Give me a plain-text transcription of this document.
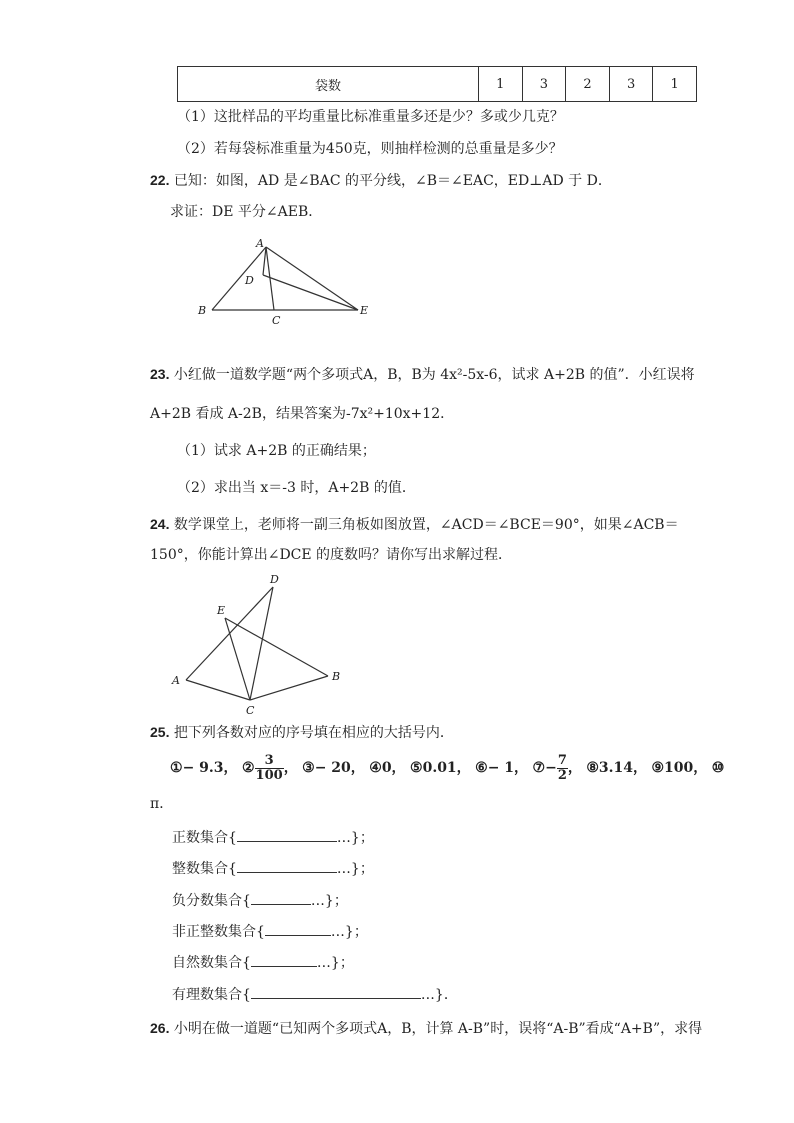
袋数	1	3	2	3	1
（1）这批样品的平均重量比标准重量多还是少？多或少几克？
（2）若每袋标准重量为450克，则抽样检测的总重量是多少？
22. 已知：如图，AD 是∠BAC 的平分线，∠B＝∠EAC，ED⊥AD 于 D．
求证：DE 平分∠AEB．
A
D
B
C
E
23. 小红做一道数学题“两个多项式A，B，B为 4x²-5x-6，试求 A+2B 的值”．小红误将
A+2B 看成 A-2B，结果答案为-7x²+10x+12．
（1）试求 A+2B 的正确结果；
（2）求出当 x＝-3 时，A+2B 的值．
24. 数学课堂上，老师将一副三角板如图放置，∠ACD＝∠BCE＝90°，如果∠ACB＝
150°，你能计算出∠DCE 的度数吗？请你写出求解过程．
D
E
A	B
C
25. 把下列各数对应的序号填在相应的大括号内．
①− 9.3， ② $\frac{3}{100}$ ， ③− 20， ④0， ⑤0.01， ⑥− 1， ⑦− $\frac{7}{2}$ ， ⑧3.14， ⑨100， ⑩
π．
正数集合{	…}；
整数集合{	…}；
负分数集合{	…}；
非正整数集合{	…}；
自然数集合{	…}；
有理数集合{	…}．
26. 小明在做一道题“已知两个多项式A，B，计算 A-B”时，误将“A-B”看成“A+B”，求得
